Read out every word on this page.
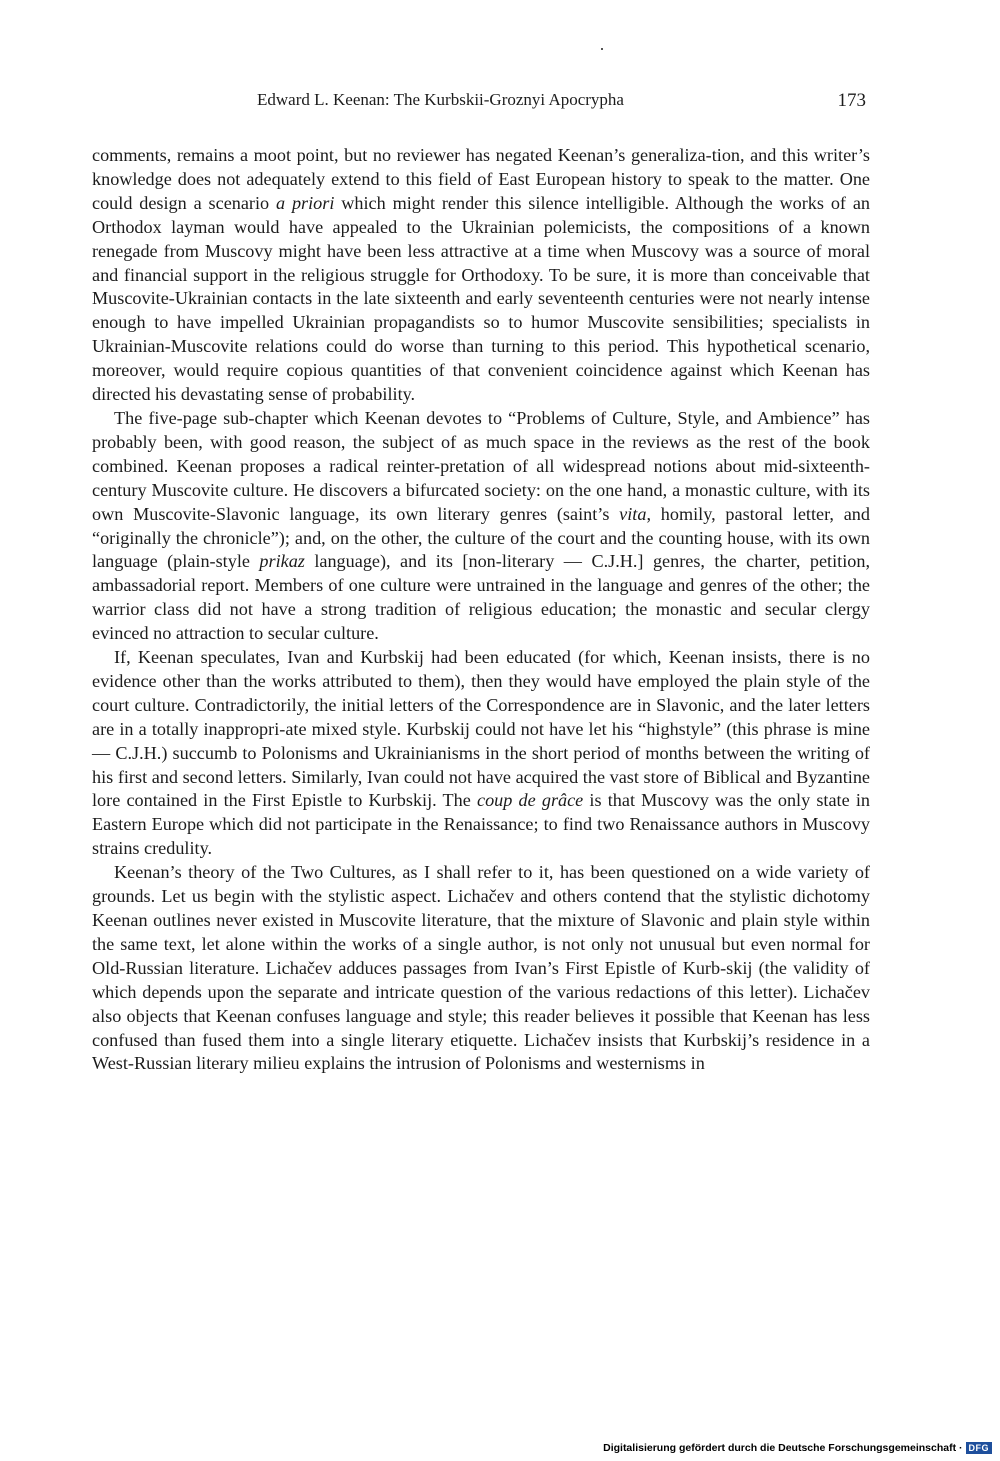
Edward L. Keenan: The Kurbskii-Groznyi Apocrypha	173

comments, remains a moot point, but no reviewer has negated Keenan’s generaliza-tion, and this writer’s knowledge does not adequately extend to this field of East European history to speak to the matter. One could design a scenario a priori which might render this silence intelligible. Although the works of an Orthodox layman would have appealed to the Ukrainian polemicists, the compositions of a known renegade from Muscovy might have been less attractive at a time when Muscovy was a source of moral and financial support in the religious struggle for Orthodoxy. To be sure, it is more than conceivable that Muscovite-Ukrainian contacts in the late sixteenth and early seventeenth centuries were not nearly intense enough to have impelled Ukrainian propagandists so to humor Muscovite sensibilities; specialists in Ukrainian-Muscovite relations could do worse than turning to this period. This hypothetical scenario, moreover, would require copious quantities of that convenient coincidence against which Keenan has directed his devastating sense of probability.

The five-page sub-chapter which Keenan devotes to “Problems of Culture, Style, and Ambience” has probably been, with good reason, the subject of as much space in the reviews as the rest of the book combined. Keenan proposes a radical reinter-pretation of all widespread notions about mid-sixteenth-century Muscovite culture. He discovers a bifurcated society: on the one hand, a monastic culture, with its own Muscovite-Slavonic language, its own literary genres (saint’s vita, homily, pastoral letter, and “originally the chronicle”); and, on the other, the culture of the court and the counting house, with its own language (plain-style prikaz language), and its [non-literary — C.J.H.] genres, the charter, petition, ambassadorial report. Members of one culture were untrained in the language and genres of the other; the warrior class did not have a strong tradition of religious education; the monastic and secular clergy evinced no attraction to secular culture.

If, Keenan speculates, Ivan and Kurbskij had been educated (for which, Keenan insists, there is no evidence other than the works attributed to them), then they would have employed the plain style of the court culture. Contradictorily, the initial letters of the Correspondence are in Slavonic, and the later letters are in a totally inappropri-ate mixed style. Kurbskij could not have let his “highstyle” (this phrase is mine — C.J.H.) succumb to Polonisms and Ukrainianisms in the short period of months between the writing of his first and second letters. Similarly, Ivan could not have acquired the vast store of Biblical and Byzantine lore contained in the First Epistle to Kurbskij. The coup de grâce is that Muscovy was the only state in Eastern Europe which did not participate in the Renaissance; to find two Renaissance authors in Muscovy strains credulity.

Keenan’s theory of the Two Cultures, as I shall refer to it, has been questioned on a wide variety of grounds. Let us begin with the stylistic aspect. Lichačev and others contend that the stylistic dichotomy Keenan outlines never existed in Muscovite literature, that the mixture of Slavonic and plain style within the same text, let alone within the works of a single author, is not only not unusual but even normal for Old-Russian literature. Lichačev adduces passages from Ivan’s First Epistle of Kurb-skij (the validity of which depends upon the separate and intricate question of the various redactions of this letter). Lichačev also objects that Keenan confuses language and style; this reader believes it possible that Keenan has less confused than fused them into a single literary etiquette. Lichačev insists that Kurbskij’s residence in a West-Russian literary milieu explains the intrusion of Polonisms and westernisms in

Digitalisierung gefördert durch die Deutsche Forschungsgemeinschaft · DFG
